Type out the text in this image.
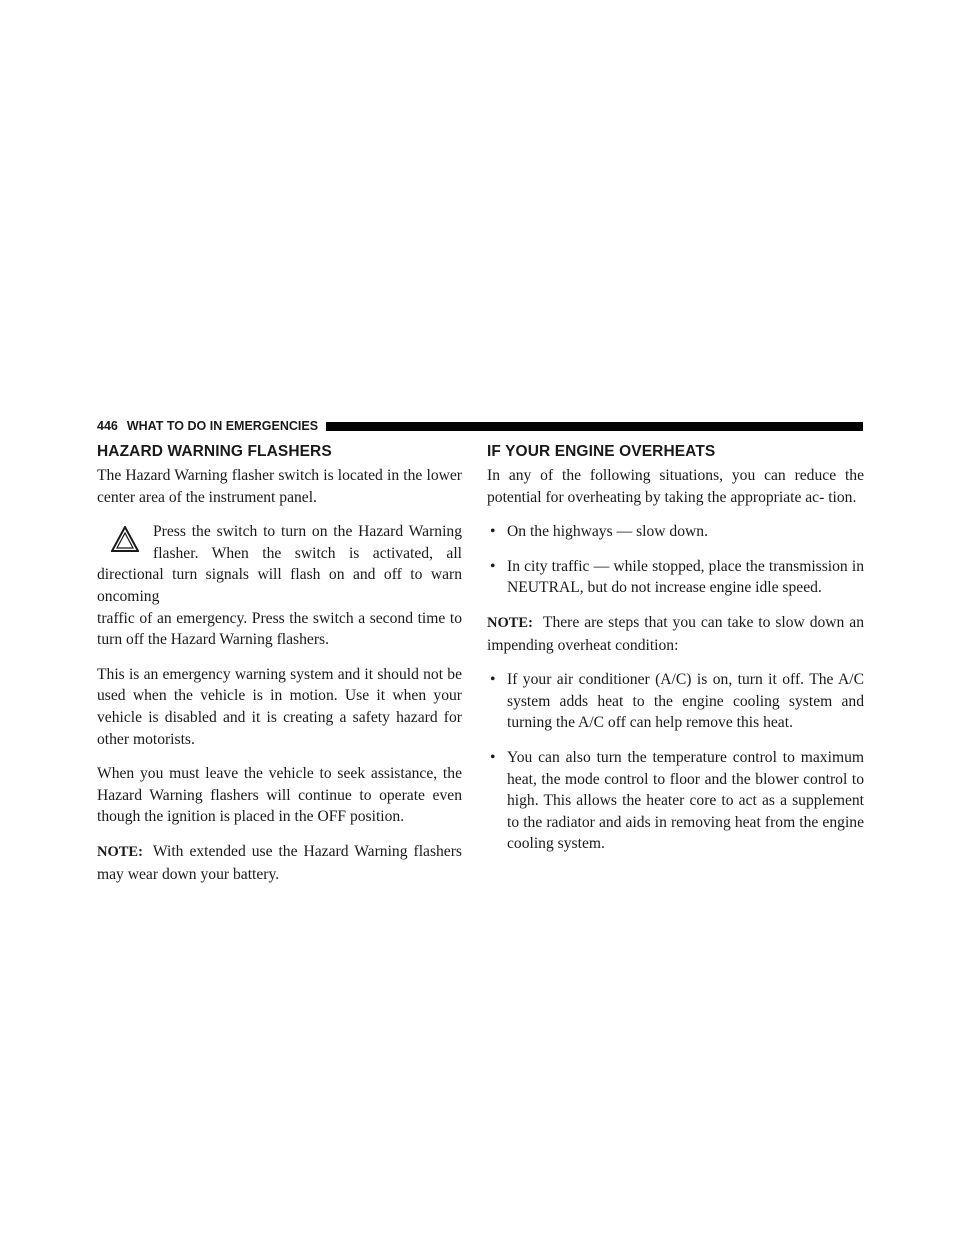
446 WHAT TO DO IN EMERGENCIES
HAZARD WARNING FLASHERS

The Hazard Warning flasher switch is located in the lower center area of the instrument panel.

Press the switch to turn on the Hazard Warning flasher. When the switch is activated, all directional turn signals will flash on and off to warn oncoming

traffic of an emergency. Press the switch a second time to turn off the Hazard Warning flashers.

This is an emergency warning system and it should not be used when the vehicle is in motion. Use it when your vehicle is disabled and it is creating a safety hazard for other motorists.

When you must leave the vehicle to seek assistance, the Hazard Warning flashers will continue to operate even though the ignition is placed in the OFF position.

NOTE: With extended use the Hazard Warning flashers may wear down your battery.

IF YOUR ENGINE OVERHEATS

In any of the following situations, you can reduce the potential for overheating by taking the appropriate ac- tion.

• On the highways — slow down.
• In city traffic — while stopped, place the transmission in NEUTRAL, but do not increase engine idle speed.

NOTE: There are steps that you can take to slow down an impending overheat condition:

• If your air conditioner (A/C) is on, turn it off. The A/C system adds heat to the engine cooling system and turning the A/C off can help remove this heat.
• You can also turn the temperature control to maximum heat, the mode control to floor and the blower control to high. This allows the heater core to act as a supplement to the radiator and aids in removing heat from the engine cooling system.
